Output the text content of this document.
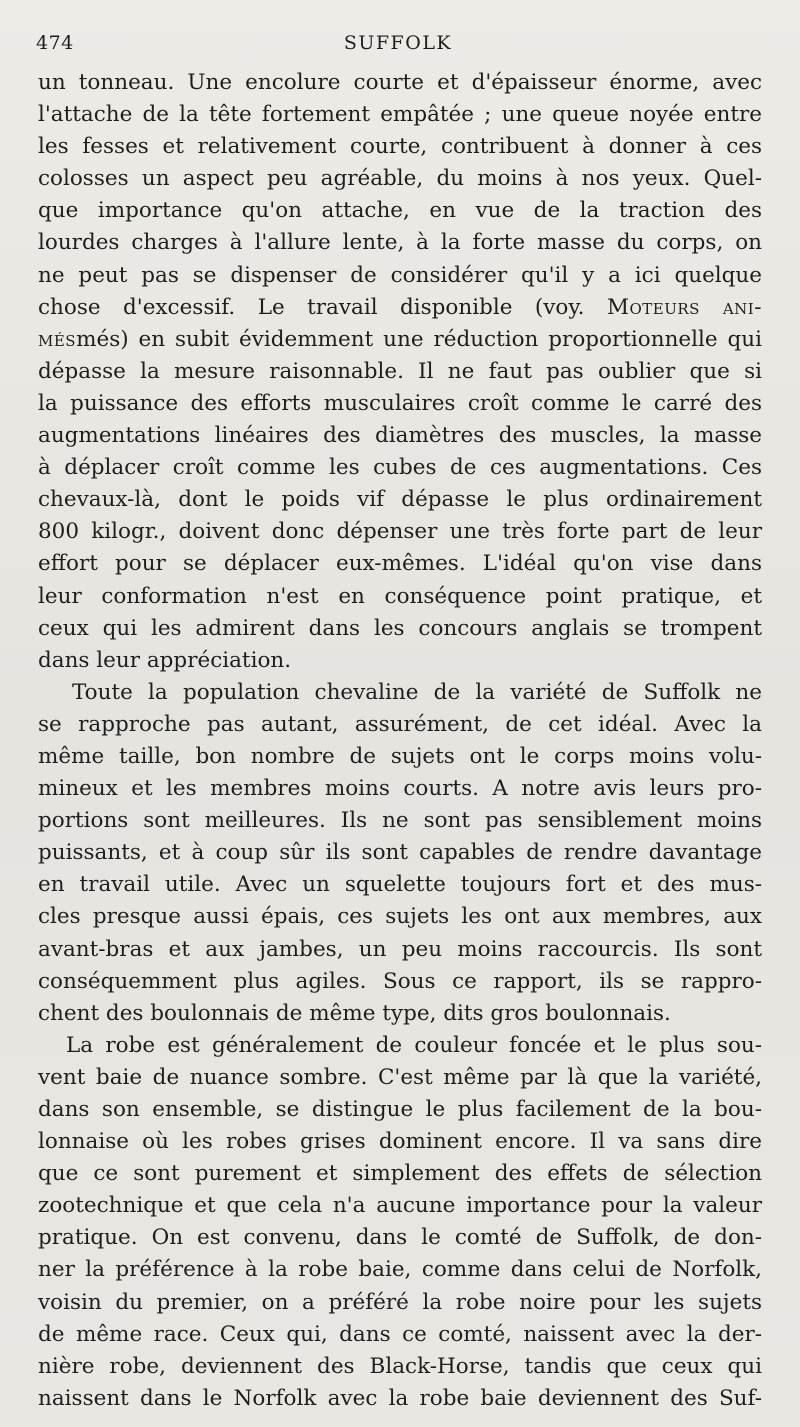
474	SUFFOLK

un tonneau. Une encolure courte et d'épaisseur énorme, avec

l'attache de la tête fortement empâtée ; une queue noyée entre

les fesses et relativement courte, contribuent à donner à ces

colosses un aspect peu agréable, du moins à nos yeux. Quel-

que importance qu'on attache, en vue de la traction des

lourdes charges à l'allure lente, à la forte masse du corps, on

ne peut pas se dispenser de considérer qu'il y a ici quelque

chose d'excessif. Le travail disponible (voy. Moteurs ani-

mésmés) en subit évidemment une réduction proportionnelle qui

dépasse la mesure raisonnable. Il ne faut pas oublier que si

la puissance des efforts musculaires croît comme le carré des

augmentations linéaires des diamètres des muscles, la masse

à déplacer croît comme les cubes de ces augmentations. Ces

chevaux-là, dont le poids vif dépasse le plus ordinairement

800 kilogr., doivent donc dépenser une très forte part de leur

effort pour se déplacer eux-mêmes. L'idéal qu'on vise dans

leur conformation n'est en conséquence point pratique, et

ceux qui les admirent dans les concours anglais se trompent

dans leur appréciation.

Toute la population chevaline de la variété de Suffolk ne

se rapproche pas autant, assurément, de cet idéal. Avec la

même taille, bon nombre de sujets ont le corps moins volu-

mineux et les membres moins courts. A notre avis leurs pro-

portions sont meilleures. Ils ne sont pas sensiblement moins

puissants, et à coup sûr ils sont capables de rendre davantage

en travail utile. Avec un squelette toujours fort et des mus-

cles presque aussi épais, ces sujets les ont aux membres, aux

avant-bras et aux jambes, un peu moins raccourcis. Ils sont

conséquemment plus agiles. Sous ce rapport, ils se rappro-

chent des boulonnais de même type, dits gros boulonnais.

La robe est généralement de couleur foncée et le plus sou-

vent baie de nuance sombre. C'est même par là que la variété,

dans son ensemble, se distingue le plus facilement de la bou-

lonnaise où les robes grises dominent encore. Il va sans dire

que ce sont purement et simplement des effets de sélection

zootechnique et que cela n'a aucune importance pour la valeur

pratique. On est convenu, dans le comté de Suffolk, de don-

ner la préférence à la robe baie, comme dans celui de Norfolk,

voisin du premier, on a préféré la robe noire pour les sujets

de même race. Ceux qui, dans ce comté, naissent avec la der-

nière robe, deviennent des Black-Horse, tandis que ceux qui

naissent dans le Norfolk avec la robe baie deviennent des Suf-
